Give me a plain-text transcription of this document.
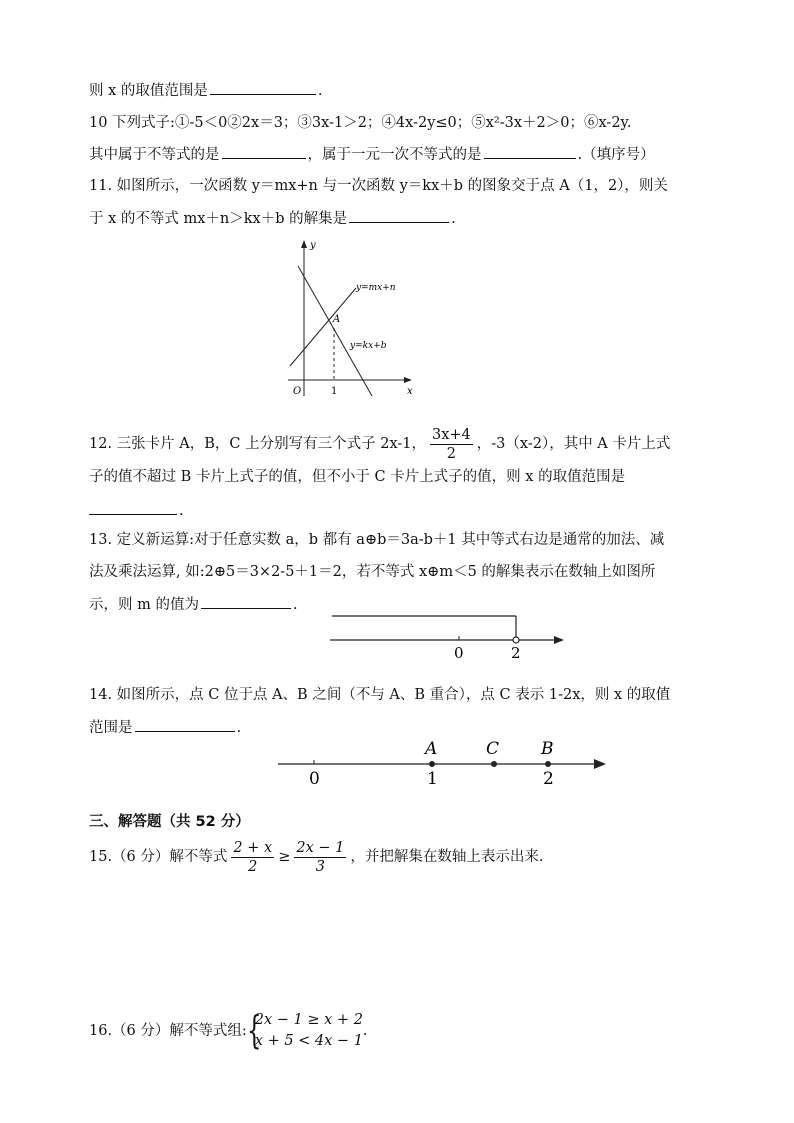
则 x 的取值范围是	.
10 下列式子:①-5＜0②2x＝3；③3x-1＞2；④4x-2y≤0；⑤x²-3x＋2＞0；⑥x-2y.
其中属于不等式的是	，属于一元一次不等式的是	.（填序号）
11. 如图所示，一次函数 y＝mx+n 与一次函数 y＝kx＋b 的图象交于点 A（1，2），则关
于 x 的不等式 mx＋n＞kx＋b 的解集是	.
y
x
O	1
A
y=mx+n
y=kx+b
12. 三张卡片 A，B，C 上分别写有三个式子 2x-1， $\frac{3x+4}{2}$ ，-3（x-2），其中 A 卡片上式
子的值不超过 B 卡片上式子的值，但不小于 C 卡片上式子的值，则 x 的取值范围是
.
13. 定义新运算:对于任意实数 a，b 都有 a⊕b＝3a-b＋1 其中等式右边是通常的加法、减
法及乘法运算, 如:2⊕5＝3×2-5＋1＝2，若不等式 x⊕m＜5 的解集表示在数轴上如图所
示，则 m 的值为	.
0	2
14. 如图所示，点 C 位于点 A、B 之间（不与 A、B 重合），点 C 表示 1-2x，则 x 的取值
范围是	.
A	C B
0	1	2
三、解答题（共 52 分）
15.（6 分）解不等式 $\frac{2 + x}{2} \ge \frac{2x - 1}{3}$ ，并把解集在数轴上表示出来.
16.（6 分）解不等式组: {
2x − 1 ≥ x + 2
x + 5 < 4x − 1
.
